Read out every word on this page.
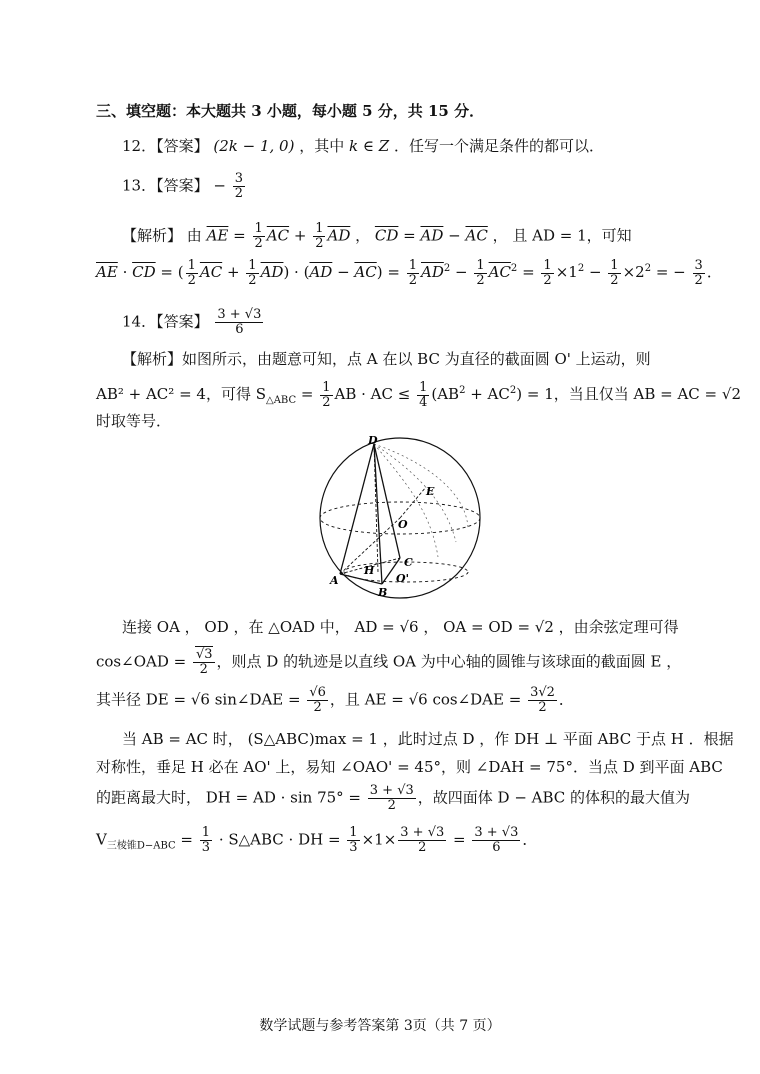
三、填空题：本大题共 3 小题，每小题 5 分，共 15 分．
12．【答案】 (2k − 1, 0) ，其中 k ∈ Z ．任写一个满足条件的都可以．
13．【答案】 − $\frac{3}{2}$
【解析】 由 $\overline{AE} = \frac{1}{2} \overline{AC} + \frac{1}{2} \overline{AD}$ ， $\overline{CD} = \overline{AD} - \overline{AC}$ ， 且 AD = 1，可知
$\overline{AE} \cdot \overline{CD}$ = ( $\frac{1}{2} \overline{AC} + \frac{1}{2} \overline{AD}) \cdot (\overline{AD} - \overline{AC}) = \frac{1}{2} \overline{AD}^2 - \frac{1}{2} \overline{AC}^2 = \frac{1}{2} \times 1^2 - \frac{1}{2} \times 2^2$ = − $\frac{3}{2}$ ．
14．【答案】 $\frac{3 + √3}{6}$
【解析】如图所示，由题意可知，点 A 在以 BC 为直径的截面圆 O' 上运动，则
AB² + AC² = 4，可得 $S_{\triangle ABC} = \frac{1}{2}$ AB · AC ≤ $\frac{1}{4} (AB^2 + AC^2) = 1$，当且仅当 AB = AC = √2
时取等号．
D
E
O
C
H
O'
A
B
连接 OA ， OD ，在 △OAD 中， AD = √6 ， OA = OD = √2 ，由余弦定理可得
cos∠OAD = $\frac{√3}{2}$ ，则点 D 的轨迹是以直线 OA 为中心轴的圆锥与该球面的截面圆 E ，
其半径 DE = √6 sin∠DAE = $\frac{√6}{2}$ ，且 AE = √6 cos∠DAE = $\frac{3√2}{2}$ ．
当 AB = AC 时， (S△ABC)max = 1 ，此时过点 D ，作 DH ⊥ 平面 ABC 于点 H ．根据
对称性，垂足 H 必在 AO' 上，易知 ∠OAO' = 45°，则 ∠DAH = 75°．当点 D 到平面 ABC
的距离最大时， DH = AD · $\sin 75^\circ = \frac{3 + √3}{2}$ ，故四面体 D − ABC 的体积的最大值为
$V_{三棱锥D-ABC} = \frac{1}{3}$ · S△ABC · DH = $\frac{1}{3} \times 1\times \frac{3 + √3}{2} = \frac{3 + √3}{6}$ ．
数学试题与参考答案第 3页（共 7 页）
